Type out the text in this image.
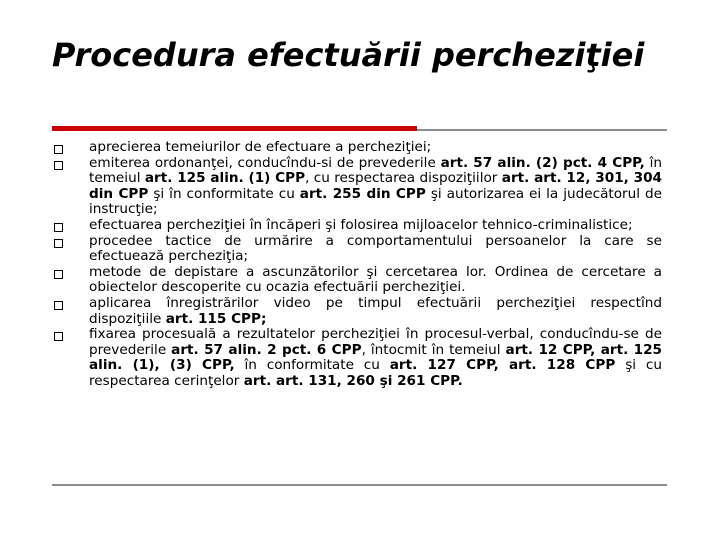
Procedura efectuării percheziţiei
aprecierea temeiurilor de efectuare a percheziţiei;
emiterea ordonanţei, conducîndu-si de prevederile art. 57 alin. (2) pct. 4 CPP, în temeiul art. 125 alin. (1) CPP, cu respectarea dispoziţiilor art. art. 12, 301, 304 din CPP şi în conformitate cu art. 255 din CPP şi autorizarea ei la judecătorul de instrucţie;
efectuarea percheziţiei în încăperi şi folosirea mijloacelor tehnico-criminalistice;
procedee tactice de urmărire a comportamentului persoanelor la care se efectuează percheziţia;
metode de depistare a ascunzătorilor şi cercetarea lor. Ordinea de cercetare a obiectelor descoperite cu ocazia efectuării percheziţiei.
aplicarea înregistrărilor video pe timpul efectuării percheziţiei respectînd dispoziţiile art. 115 CPP;
fixarea procesuală a rezultatelor percheziţiei în procesul-verbal, conducîndu-se de prevederile art. 57 alin. 2 pct. 6 CPP, întocmit în temeiul art. 12 CPP, art. 125 alin. (1), (3) CPP, în conformitate cu art. 127 CPP, art. 128 CPP şi cu respectarea cerinţelor art. art. 131, 260 şi 261 CPP.
